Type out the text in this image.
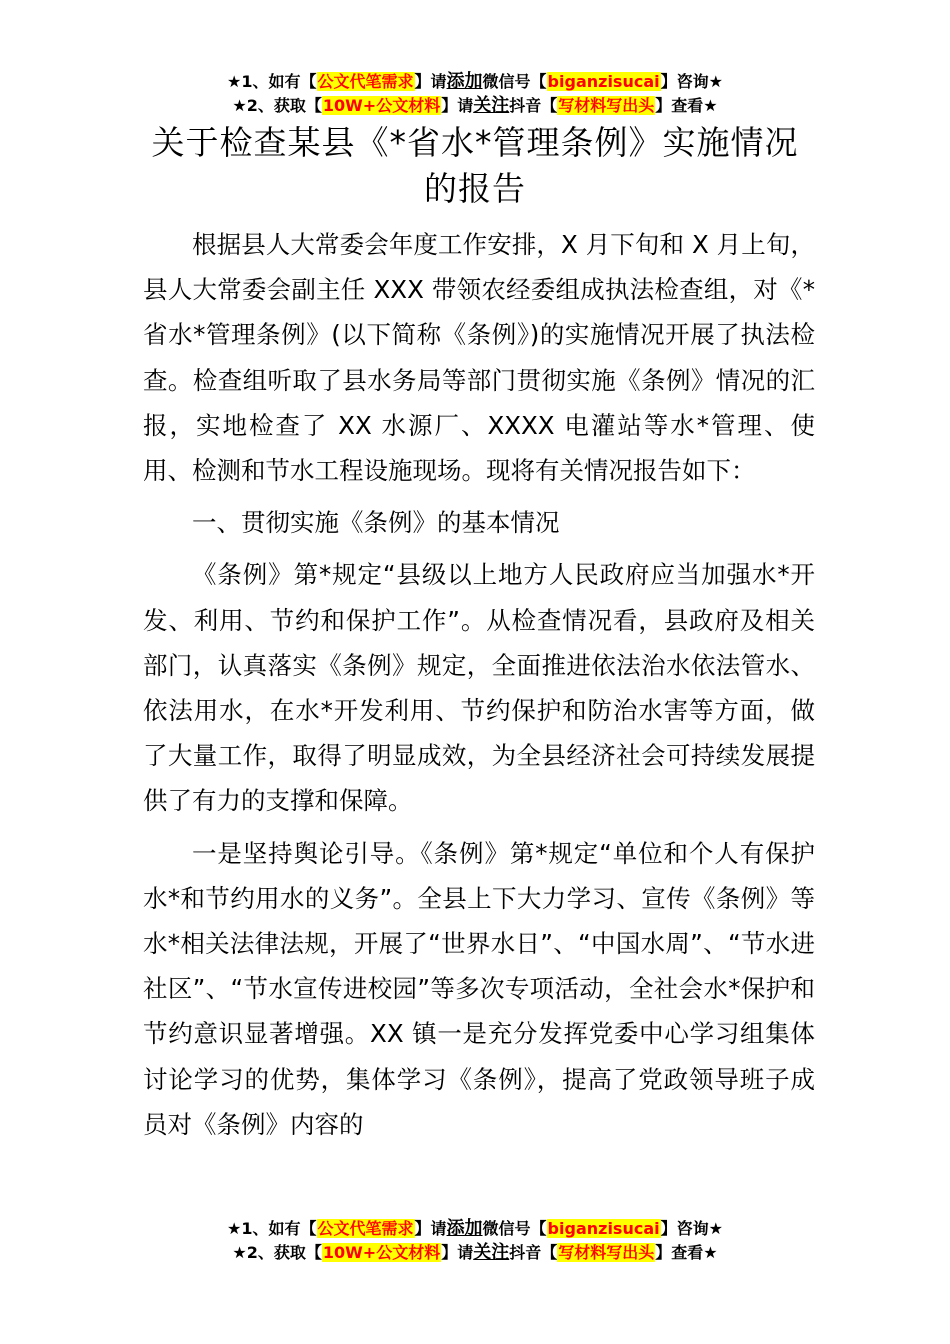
★1、如有【公文代笔需求】请添加微信号【biganzisucai】咨询★
★2、获取【10W+公文材料】请关注抖音【写材料写出头】查看★
关于检查某县《*省水*管理条例》实施情况
的报告

根据县人大常委会年度工作安排，X 月下旬和 X 月上旬，县人大常委会副主任 XXX 带领农经委组成执法检查组，对《*省水*管理条例》(以下简称《条例》)的实施情况开展了执法检查。检查组听取了县水务局等部门贯彻实施《条例》情况的汇报，实地检查了 XX 水源厂、XXXX 电灌站等水*管理、使用、检测和节水工程设施现场。现将有关情况报告如下：

一、贯彻实施《条例》的基本情况

《条例》第*规定“县级以上地方人民政府应当加强水*开发、利用、节约和保护工作”。从检查情况看，县政府及相关部门，认真落实《条例》规定，全面推进依法治水依法管水、依法用水，在水*开发利用、节约保护和防治水害等方面，做了大量工作，取得了明显成效，为全县经济社会可持续发展提供了有力的支撑和保障。

一是坚持舆论引导。《条例》第*规定“单位和个人有保护水*和节约用水的义务”。全县上下大力学习、宣传《条例》等水*相关法律法规，开展了“世界水日”、“中国水周”、“节水进社区”、“节水宣传进校园”等多次专项活动，全社会水*保护和节约意识显著增强。XX 镇一是充分发挥党委中心学习组集体讨论学习的优势，集体学习《条例》，提高了党政领导班子成员对《条例》内容的

★1、如有【公文代笔需求】请添加微信号【biganzisucai】咨询★
★2、获取【10W+公文材料】请关注抖音【写材料写出头】查看★
